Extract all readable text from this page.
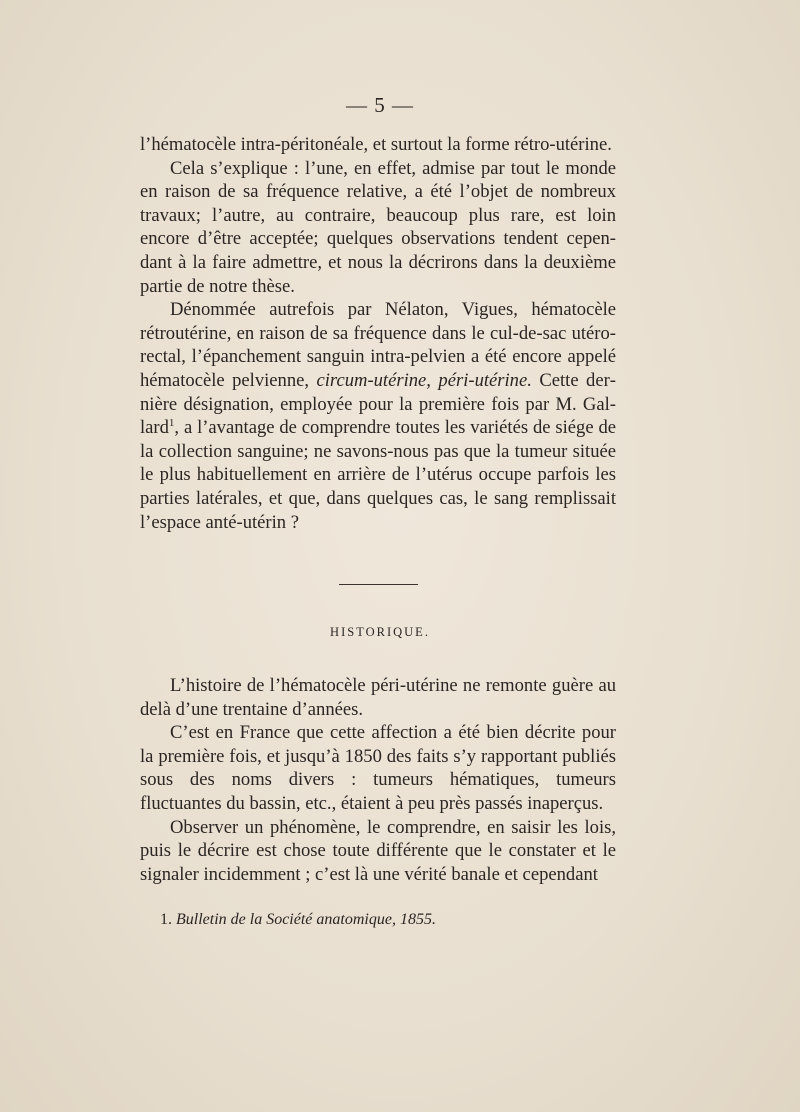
— 5 —

l’hématocèle intra-péritonéale, et surtout la forme rétro-utérine.

Cela s’explique : l’une, en effet, admise par tout le monde en raison de sa fréquence relative, a été l’objet de nombreux travaux; l’autre, au contraire, beaucoup plus rare, est loin encore d’être acceptée; quelques observations tendent cependant à la faire admettre, et nous la décrirons dans la deuxième partie de notre thèse.

Dénommée autrefois par Nélaton, Vigues, hématocèle rétroutérine, en raison de sa fréquence dans le cul-de-sac utérorectal, l’épanchement sanguin intra-pelvien a été encore appelé hématocèle pelvienne, circum-utérine, péri-utérine. Cette dernière désignation, employée pour la première fois par M. Gallard$^1$, a l’avantage de comprendre toutes les variétés de siége de la collection sanguine; ne savons-nous pas que la tumeur située le plus habituellement en arrière de l’utérus occupe parfois les parties latérales, et que, dans quelques cas, le sang remplissait l’espace anté-utérin ?

HISTORIQUE.

L’histoire de l’hématocèle péri-utérine ne remonte guère au delà d’une trentaine d’années.

C’est en France que cette affection a été bien décrite pour la première fois, et jusqu’à 1850 des faits s’y rapportant publiés sous des noms divers : tumeurs hématiques, tumeurs fluctuantes du bassin, etc., étaient à peu près passés inaperçus.

Observer un phénomène, le comprendre, en saisir les lois, puis le décrire est chose toute différente que le constater et le signaler incidemment ; c’est là une vérité banale et cependant

1. Bulletin de la Société anatomique, 1855.
